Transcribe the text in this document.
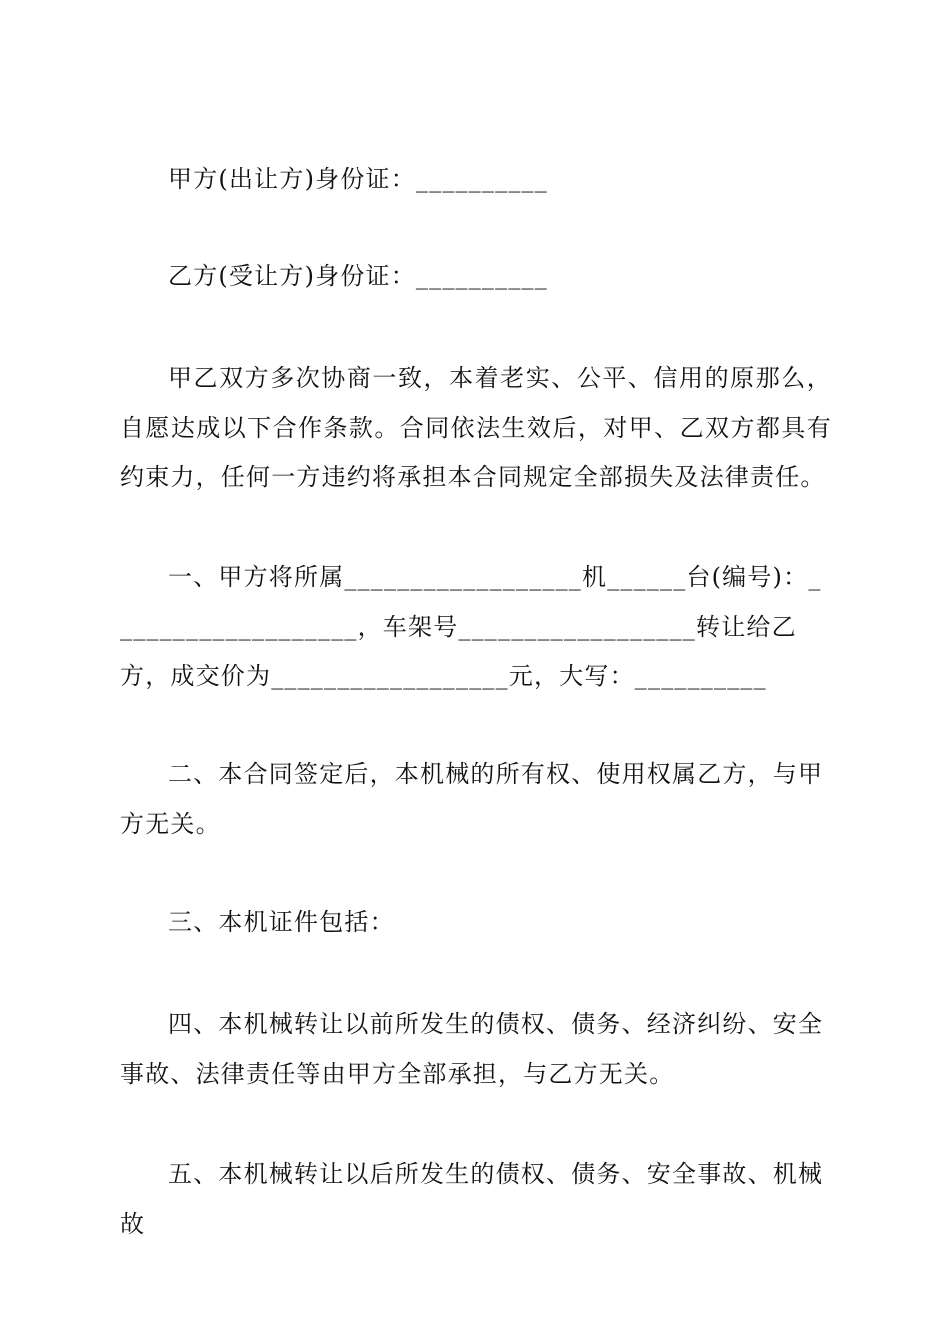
甲方(出让方)身份证：__________

乙方(受让方)身份证：__________

甲乙双方多次协商一致，本着老实、公平、信用的原那么，自愿达成以下合作条款。合同依法生效后，对甲、乙双方都具有约束力，任何一方违约将承担本合同规定全部损失及法律责任。

一、甲方将所属__________________机______台(编号)：___________________，车架号__________________转让给乙方，成交价为__________________元，大写：__________

二、本合同签定后，本机械的所有权、使用权属乙方，与甲方无关。

三、本机证件包括：

四、本机械转让以前所发生的债权、债务、经济纠纷、安全事故、法律责任等由甲方全部承担，与乙方无关。

五、本机械转让以后所发生的债权、债务、安全事故、机械故
